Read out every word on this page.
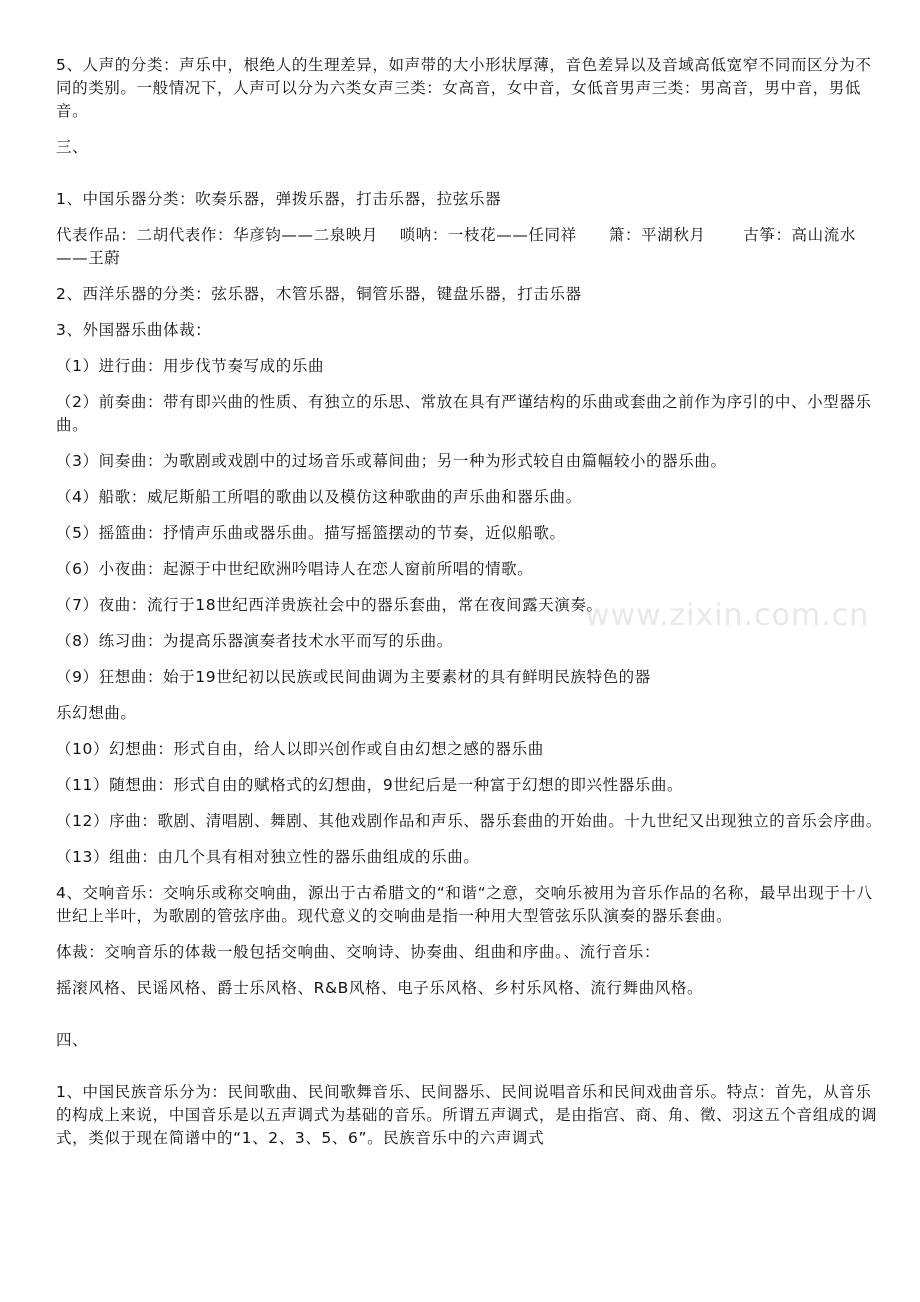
www.zixin.com.cn

5、人声的分类：声乐中，根绝人的生理差异，如声带的大小形状厚薄，音色差异以及音域高低宽窄不同而区分为不同的类别。一般情况下，人声可以分为六类女声三类：女高音，女中音，女低音男声三类：男高音，男中音，男低音。

三、

1、中国乐器分类：吹奏乐器，弹拨乐器，打击乐器，拉弦乐器

代表作品：二胡代表作：华彦钧——二泉映月　 唢呐：一枝花——任同祥　　箫：平湖秋月　　 古筝：高山流水——王蔚

2、西洋乐器的分类：弦乐器，木管乐器，铜管乐器，键盘乐器，打击乐器

3、外国器乐曲体裁：

（1）进行曲：用步伐节奏写成的乐曲

（2）前奏曲：带有即兴曲的性质、有独立的乐思、常放在具有严谨结构的乐曲或套曲之前作为序引的中、小型器乐曲。

（3）间奏曲：为歌剧或戏剧中的过场音乐或幕间曲；另一种为形式较自由篇幅较小的器乐曲。

（4）船歌：威尼斯船工所唱的歌曲以及模仿这种歌曲的声乐曲和器乐曲。

（5）摇篮曲：抒情声乐曲或器乐曲。描写摇篮摆动的节奏，近似船歌。

（6）小夜曲：起源于中世纪欧洲吟唱诗人在恋人窗前所唱的情歌。

（7）夜曲：流行于18世纪西洋贵族社会中的器乐套曲，常在夜间露天演奏。

（8）练习曲：为提高乐器演奏者技术水平而写的乐曲。

（9）狂想曲：始于19世纪初以民族或民间曲调为主要素材的具有鲜明民族特色的器

乐幻想曲。

（10）幻想曲：形式自由，给人以即兴创作或自由幻想之感的器乐曲

（11）随想曲：形式自由的赋格式的幻想曲，9世纪后是一种富于幻想的即兴性器乐曲。

（12）序曲：歌剧、清唱剧、舞剧、其他戏剧作品和声乐、器乐套曲的开始曲。十九世纪又出现独立的音乐会序曲。

（13）组曲：由几个具有相对独立性的器乐曲组成的乐曲。

4、交响音乐：交响乐或称交响曲，源出于古希腊文的“和谐“之意，交响乐被用为音乐作品的名称，最早出现于十八世纪上半叶，为歌剧的管弦序曲。现代意义的交响曲是指一种用大型管弦乐队演奏的器乐套曲。

体裁：交响音乐的体裁一般包括交响曲、交响诗、协奏曲、组曲和序曲。、流行音乐：

摇滚风格、民谣风格、爵士乐风格、R&B风格、电子乐风格、乡村乐风格、流行舞曲风格。

四、

1、中国民族音乐分为：民间歌曲、民间歌舞音乐、民间器乐、民间说唱音乐和民间戏曲音乐。特点：首先，从音乐的构成上来说，中国音乐是以五声调式为基础的音乐。所谓五声调式，是由指宫、商、角、徵、羽这五个音组成的调式，类似于现在简谱中的“1、2、3、5、6”。民族音乐中的六声调式
